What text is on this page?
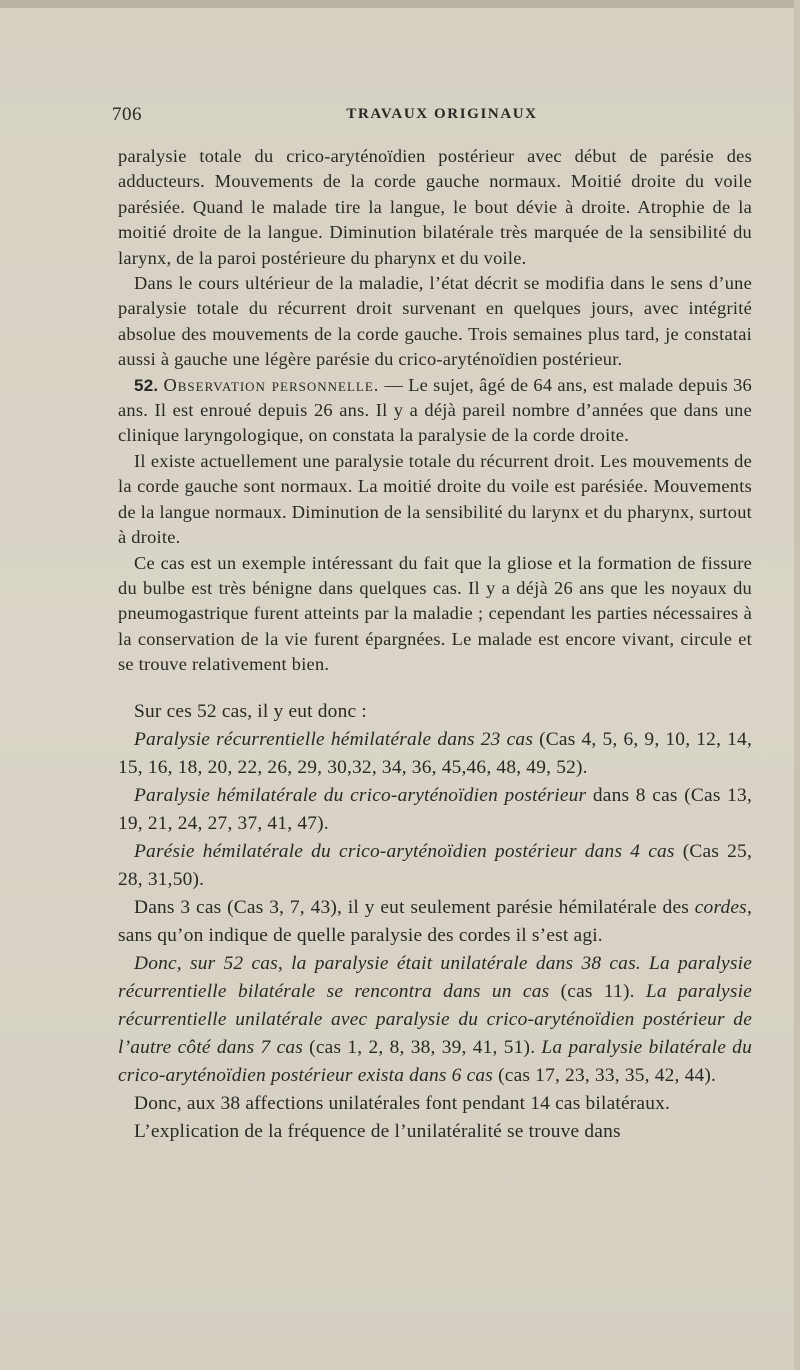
706	TRAVAUX ORIGINAUX

paralysie totale du crico-aryténoïdien postérieur avec début de parésie des adducteurs. Mouvements de la corde gauche normaux. Moitié droite du voile parésiée. Quand le malade tire la langue, le bout dévie à droite. Atrophie de la moitié droite de la langue. Diminution bilatérale très marquée de la sensibilité du larynx, de la paroi postérieure du pharynx et du voile.

Dans le cours ultérieur de la maladie, l’état décrit se modifia dans le sens d’une paralysie totale du récurrent droit survenant en quelques jours, avec intégrité absolue des mouvements de la corde gauche. Trois semaines plus tard, je constatai aussi à gauche une légère parésie du crico-aryténoïdien postérieur.

52. Observation personnelle. — Le sujet, âgé de 64 ans, est malade depuis 36 ans. Il est enroué depuis 26 ans. Il y a déjà pareil nombre d’années que dans une clinique laryngologique, on constata la paralysie de la corde droite.

Il existe actuellement une paralysie totale du récurrent droit. Les mouvements de la corde gauche sont normaux. La moitié droite du voile est parésiée. Mouvements de la langue normaux. Diminution de la sensibilité du larynx et du pharynx, surtout à droite.

Ce cas est un exemple intéressant du fait que la gliose et la formation de fissure du bulbe est très bénigne dans quelques cas. Il y a déjà 26 ans que les noyaux du pneumogastrique furent atteints par la maladie ; cependant les parties nécessaires à la conservation de la vie furent épargnées. Le malade est encore vivant, circule et se trouve relativement bien.

Sur ces 52 cas, il y eut donc :

Paralysie récurrentielle hémilatérale dans 23 cas (Cas 4, 5, 6, 9, 10, 12, 14, 15, 16, 18, 20, 22, 26, 29, 30,32, 34, 36, 45,46, 48, 49, 52).

Paralysie hémilatérale du crico-aryténoïdien postérieur dans 8 cas (Cas 13, 19, 21, 24, 27, 37, 41, 47).

Parésie hémilatérale du crico-aryténoïdien postérieur dans 4 cas (Cas 25, 28, 31,50).

Dans 3 cas (Cas 3, 7, 43), il y eut seulement parésie hémilatérale des cordes, sans qu’on indique de quelle paralysie des cordes il s’est agi.

Donc, sur 52 cas, la paralysie était unilatérale dans 38 cas. La paralysie récurrentielle bilatérale se rencontra dans un cas (cas 11). La paralysie récurrentielle unilatérale avec paralysie du crico-aryténoïdien postérieur de l’autre côté dans 7 cas (cas 1, 2, 8, 38, 39, 41, 51). La paralysie bilatérale du crico-aryténoïdien postérieur exista dans 6 cas (cas 17, 23, 33, 35, 42, 44).

Donc, aux 38 affections unilatérales font pendant 14 cas bilatéraux.

L’explication de la fréquence de l’unilatéralité se trouve dans
